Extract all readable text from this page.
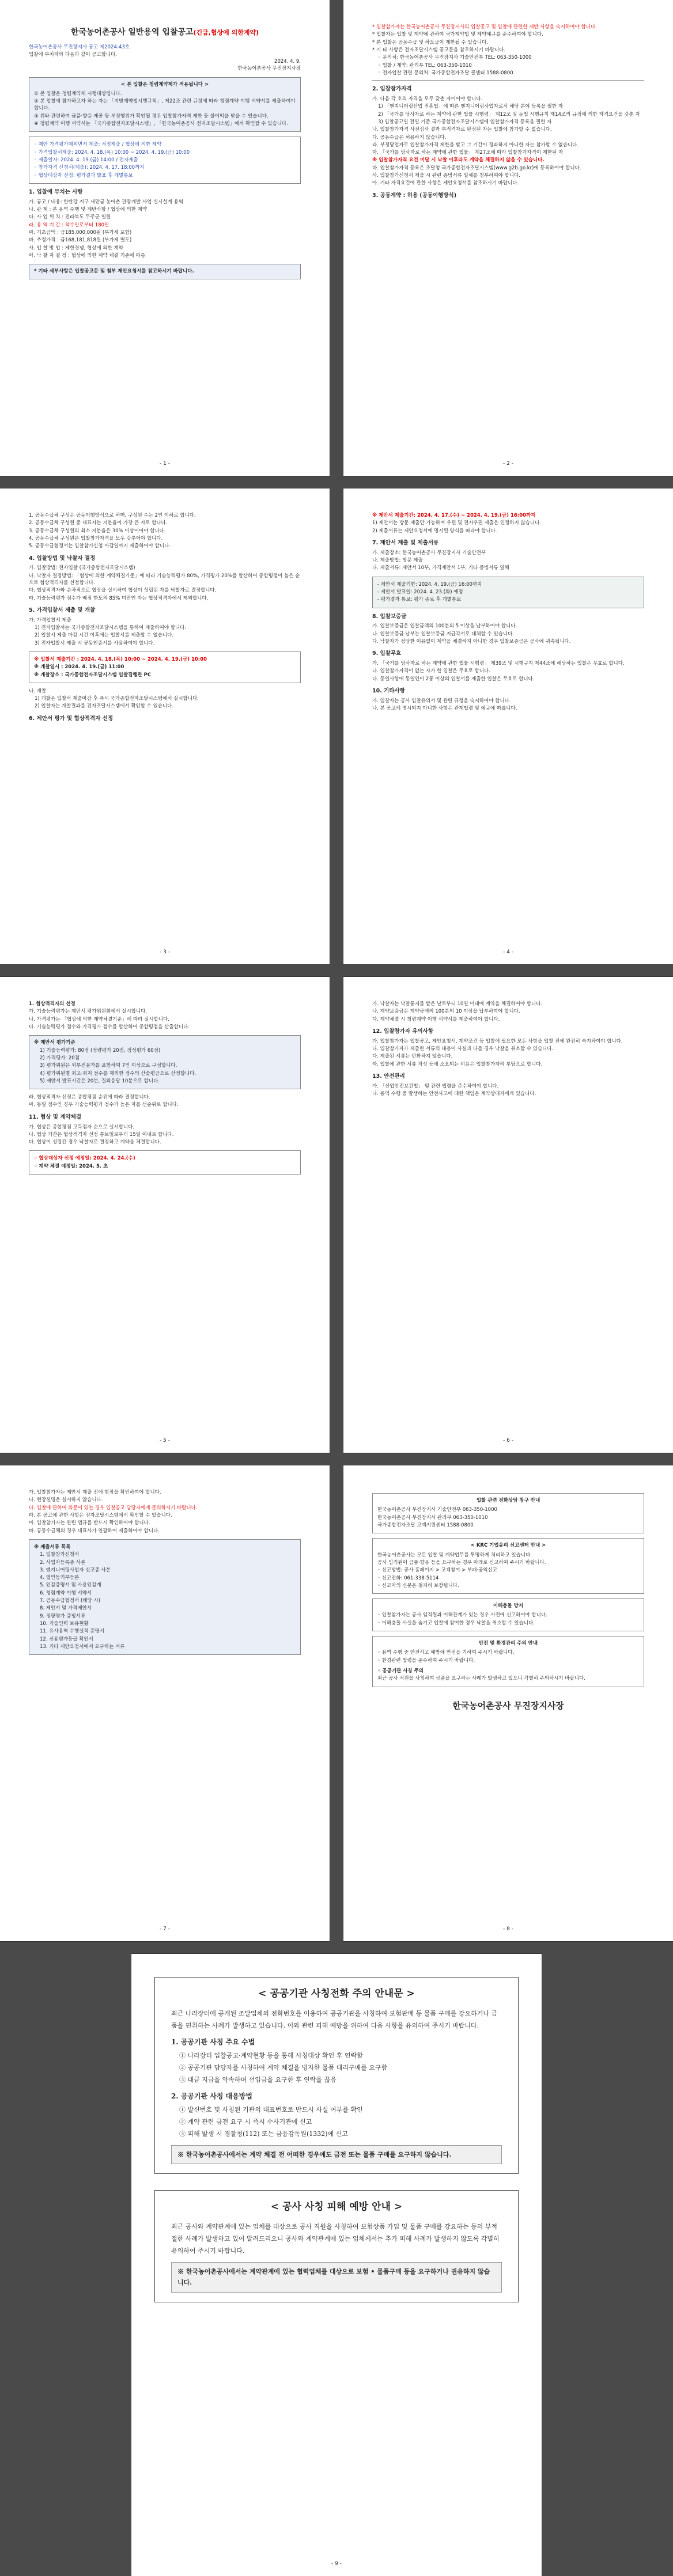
한국농어촌공사 일반용역 입찰공고(긴급,협상에 의한계약)
한국농어촌공사 무진장지사 공고 제2024-43호
입찰에 부치자와 다음과 같이 공고합니다.
2024. 4. 9.
한국농어촌공사 무진장지사장
< 본 입찰은 청렴계약제가 적용됩니다 >
① 본 입찰은 청렴계약제 시행대상입니다.
② 본 입찰에 참가하고자 하는 자는 「지방계약법시행규칙」, 제22조 관련 규정에 따라 청렴계약 이행 서약서를 제출하여야 합니다.
③ 위와 관련하여 금품·향응 제공 등 부정행위가 확인될 경우 입찰참가자격 제한 등 불이익을 받을 수 있습니다.
④ 청렴계약 이행 서약서는 「국가종합전자조달시스템」, 「한국농어촌공사 전자조달시스템」에서 확인할 수 있습니다.
◦ 제안 가격평가제외면서 제출: 적정제출 / 협상에 의한 계약
◦ 가격입찰서제출: 2024. 4. 18.(목) 10:00 ~ 2024. 4. 19.(금) 10:00
◦ 제출일자: 2024. 4. 19.(금) 14:00 / 전자제출
◦ 참가자격 신청서(제출): 2024. 4. 17. 18:00까지
◦ 협상대상자 선정: 평가결과 발표 후 개별통보
1. 입찰에 부치는 사항
가. 공고 / 내용: 한탄강 지구 새만금 농어촌 관광개발 사업 실시설계 용역
나. 관 계 : 본 용역 수행 및 제반사항 / 협상에 의한 계약
다. 사 업 위 치 : 전라북도 무주군 일원
라. 용 역 기 간 : 착수일로부터 180일
마. 기초금액 : 금185,000,000원 (부가세 포함)
바. 추정가격 : 금168,181,818원 (부가세 별도)
사. 입 찰 방 법 : 제한경쟁, 협상에 의한 계약
아. 낙 찰 자 결 정 : 협상에 의한 계약 체결 기준에 따름
* 기타 세부사항은 입찰공고문 및 첨부 제안요청서를 참고하시기 바랍니다.
- 1 -
* 입찰참가자는 한국농어촌공사 무진장지사의 입찰공고 및 입찰에 관련한 제반 사항을 숙지하여야 합니다.
* 입찰자는 입찰 및 계약에 관하여 국가계약법 및 계약예규를 준수하여야 합니다.
* 본 입찰은 공동수급 및 하도급이 제한될 수 있습니다.
* 기 타 사항은 전자조달시스템 공고문을 참조하시기 바랍니다.
◦ 문의처: 한국농어촌공사 무진장지사 기술안전부 TEL: 063-350-1000
◦ 입찰 / 계약: 관리부 TEL: 063-350-1010
◦ 전자입찰 관련 문의처: 국가종합전자조달 콜센터 1588-0800
2. 입찰참가자격
가. 다음 각 호의 자격을 모두 갖춘 자이어야 합니다.
1) 「엔지니어링산업 진흥법」에 따른 엔지니어링사업자로서 해당 분야 등록을 필한 자
2) 「국가를 당사자로 하는 계약에 관한 법률 시행령」 제12조 및 동법 시행규칙 제14조의 규정에 의한 자격요건을 갖춘 자
3) 입찰공고일 전일 기준 국가종합전자조달시스템에 입찰참가자격 등록을 필한 자
나. 입찰참가자격 사전심사 결과 부적격자로 판정된 자는 입찰에 참가할 수 없습니다.
다. 공동수급은 허용하지 않습니다.
라. 부정당업자로 입찰참가자격 제한을 받고 그 기간이 경과하지 아니한 자는 참가할 수 없습니다.
마. 「국가를 당사자로 하는 계약에 관한 법률」 제27조에 따라 입찰참가자격이 제한된 자
※ 입찰참가자격 요건 미달 시 낙찰 이후라도 계약을 체결하지 않을 수 있습니다.
바. 입찰참가자격 등록은 조달청 국가종합전자조달시스템(www.g2b.go.kr)에 등록하여야 합니다.
사. 입찰참가신청서 제출 시 관련 증빙서류 일체를 첨부하여야 합니다.
아. 기타 자격요건에 관한 사항은 제안요청서를 참조하시기 바랍니다.
3. 공동계약 : 허용 (공동이행방식)
- 2 -
1. 공동수급체 구성은 공동이행방식으로 하며, 구성원 수는 2인 이하로 합니다.
2. 공동수급체 구성원 중 대표자는 지분율이 가장 큰 자로 합니다.
3. 공동수급체 구성원의 최소 지분율은 30% 이상이어야 합니다.
4. 공동수급체 구성원은 입찰참가자격을 모두 갖추어야 합니다.
5. 공동수급협정서는 입찰참가신청 마감일까지 제출하여야 합니다.
4. 입찰방법 및 낙찰자 결정
가. 입찰방법: 전자입찰 (국가종합전자조달시스템)
나. 낙찰자 결정방법: 「협상에 의한 계약체결기준」에 따라 기술능력평가 80%, 가격평가 20%를 합산하여 종합평점이 높은 순으로 협상적격자를 선정합니다.
다. 협상적격자와 순차적으로 협상을 실시하여 협상이 성립된 자를 낙찰자로 결정합니다.
라. 기술능력평가 점수가 배점 한도의 85% 미만인 자는 협상적격자에서 제외합니다.
5. 가격입찰서 제출 및 개찰
가. 가격입찰서 제출
1) 전자입찰서는 국가종합전자조달시스템을 통하여 제출하여야 합니다.
2) 입찰서 제출 마감 시간 이후에는 입찰서를 제출할 수 없습니다.
3) 전자입찰서 제출 시 공동인증서를 사용하여야 합니다.
※ 입찰서 제출기간 : 2024. 4. 18.(목) 10:00 ~ 2024. 4. 19.(금) 10:00
※ 개찰일시 : 2024. 4. 19.(금) 11:00
※ 개찰장소 : 국가종합전자조달시스템 입찰집행관 PC
나. 개찰
1) 개찰은 입찰서 제출마감 후 즉시 국가종합전자조달시스템에서 실시합니다.
2) 입찰자는 개찰결과를 전자조달시스템에서 확인할 수 있습니다.
6. 제안서 평가 및 협상적격자 선정
- 3 -
※ 제안서 제출기간: 2024. 4. 17.(수) ~ 2024. 4. 19.(금) 16:00까지
1) 제안서는 방문 제출만 가능하며 우편 및 전자우편 제출은 인정하지 않습니다.
2) 제출서류는 제안요청서에 명시된 양식을 따라야 합니다.
7. 제안서 제출 및 제출서류
가. 제출장소: 한국농어촌공사 무진장지사 기술안전부
나. 제출방법: 방문 제출
다. 제출서류: 제안서 10부, 가격제안서 1부, 기타 증빙서류 일체
- 제안서 제출기한: 2024. 4. 19.(금) 16:00까지
- 제안서 발표일: 2024. 4. 23.(화) 예정
- 평가결과 통보: 평가 종료 후 개별통보
8. 입찰보증금
가. 입찰보증금은 입찰금액의 100분의 5 이상을 납부하여야 합니다.
나. 입찰보증금 납부는 입찰보증금 지급각서로 대체할 수 있습니다.
다. 낙찰자가 정당한 이유없이 계약을 체결하지 아니한 경우 입찰보증금은 공사에 귀속됩니다.
9. 입찰무효
가. 「국가를 당사자로 하는 계약에 관한 법률 시행령」 제39조 및 시행규칙 제44조에 해당하는 입찰은 무효로 합니다.
나. 입찰참가자격이 없는 자가 한 입찰은 무효로 합니다.
다. 동일사항에 동일인이 2통 이상의 입찰서를 제출한 입찰은 무효로 합니다.
10. 기타사항
가. 입찰자는 공사 입찰유의서 및 관련 규정을 숙지하여야 합니다.
나. 본 공고에 명시되지 아니한 사항은 관계법령 및 예규에 따릅니다.
- 4 -
1. 협상적격자의 선정
가. 기술능력평가는 제안서 평가위원회에서 실시합니다.
나. 가격평가는 「협상에 의한 계약체결기준」에 따라 실시합니다.
다. 기술능력평가 점수와 가격평가 점수를 합산하여 종합평점을 산출합니다.
※ 제안서 평가기준
1) 기술능력평가: 80점 (정량평가 20점, 정성평가 60점)
2) 가격평가: 20점
3) 평가위원은 외부전문가를 포함하여 7인 이상으로 구성합니다.
4) 평가위원별 최고·최저 점수를 제외한 점수의 산술평균으로 산정합니다.
5) 제안서 발표시간은 20분, 질의응답 10분으로 합니다.
라. 협상적격자 선정은 종합평점 순위에 따라 결정합니다.
마. 동일 점수인 경우 기술능력평가 점수가 높은 자를 선순위로 합니다.
11. 협상 및 계약체결
가. 협상은 종합평점 고득점자 순으로 실시합니다.
나. 협상 기간은 협상적격자 선정 통보일로부터 15일 이내로 합니다.
다. 협상이 성립된 경우 낙찰자로 결정하고 계약을 체결합니다.
◦ 협상대상자 선정 예정일: 2024. 4. 24.(수)
◦ 계약 체결 예정일: 2024. 5. 초
- 5 -
가. 낙찰자는 낙찰통지를 받은 날로부터 10일 이내에 계약을 체결하여야 합니다.
나. 계약보증금은 계약금액의 100분의 10 이상을 납부하여야 합니다.
다. 계약체결 시 청렴계약 이행 서약서를 제출하여야 합니다.
12. 입찰참가자 유의사항
가. 입찰참가자는 입찰공고, 제안요청서, 계약조건 등 입찰에 필요한 모든 사항을 입찰 전에 완전히 숙지하여야 합니다.
나. 입찰참가자가 제출한 서류의 내용이 사실과 다를 경우 낙찰을 취소할 수 있습니다.
다. 제출된 서류는 반환하지 않습니다.
라. 입찰에 관한 서류 작성 등에 소요되는 비용은 입찰참가자의 부담으로 합니다.
13. 안전관리
가. 「산업안전보건법」 및 관련 법령을 준수하여야 합니다.
나. 용역 수행 중 발생하는 안전사고에 대한 책임은 계약상대자에게 있습니다.
- 6 -
가. 입찰참가자는 제안서 제출 전에 현장을 확인하여야 합니다.
나. 현장설명은 실시하지 않습니다.
다. 입찰에 관하여 의문이 있는 경우 입찰공고 담당자에게 문의하시기 바랍니다.
라. 본 공고에 관한 사항은 전자조달시스템에서 확인할 수 있습니다.
마. 입찰참가자는 관련 법규를 반드시 확인하여야 합니다.
바. 공동수급체의 경우 대표사가 일괄하여 제출하여야 합니다.
※ 제출서류 목록
1. 입찰참가신청서
2. 사업자등록증 사본
3. 엔지니어링사업자 신고증 사본
4. 법인등기부등본
5. 인감증명서 및 사용인감계
6. 청렴계약 이행 서약서
7. 공동수급협정서 (해당 시)
8. 제안서 및 가격제안서
9. 정량평가 증빙서류
10. 기술인력 보유현황
11. 유사용역 수행실적 증명서
12. 신용평가등급 확인서
13. 기타 제안요청서에서 요구하는 서류
- 7 -
입찰 관련 전화상담 창구 안내
한국농어촌공사 무진장지사 기술안전부 063-350-1000
한국농어촌공사 무진장지사 관리부 063-350-1010
국가종합전자조달 고객지원센터 1588-0800
< KRC 기업윤리 신고센터 안내 >
한국농어촌공사는 모든 입찰 및 계약업무를 투명하게 처리하고 있습니다.
공사 임직원이 금품·향응 등을 요구하는 경우 아래로 신고하여 주시기 바랍니다.
◦ 신고방법: 공사 홈페이지 > 고객참여 > 부패·공익신고
◦ 신고전화: 061-338-5114
◦ 신고자의 신분은 철저히 보장됩니다.
이해충돌 방지
◦ 입찰참가자는 공사 임직원과 이해관계가 있는 경우 사전에 신고하여야 합니다.
◦ 이해충돌 사실을 숨기고 입찰에 참여한 경우 낙찰을 취소할 수 있습니다.
안전 및 환경관리 주의 안내
◦ 용역 수행 중 안전사고 예방에 만전을 기하여 주시기 바랍니다.
◦ 환경관련 법령을 준수하여 주시기 바랍니다.
◦ 공공기관 사칭 주의
최근 공사 직원을 사칭하여 금품을 요구하는 사례가 발생하고 있으니 각별히 주의하시기 바랍니다.
한국농어촌공사 무진장지사장
- 8 -
< 공공기관 사칭전화 주의 안내문 >
최근 나라장터에 공개된 조달업체의 전화번호를 이용하여 공공기관을 사칭하여 보험판매 등 물품 구매를 강요하거나 금품을 편취하는 사례가 발생하고 있습니다. 이와 관련 피해 예방을 위하여 다음 사항을 유의하여 주시기 바랍니다.
1. 공공기관 사칭 주요 수법
① 나라장터 입찰공고·계약현황 등을 통해 사칭대상 확인 후 연락함
② 공공기관 담당자를 사칭하여 계약 체결을 빙자한 물품 대리구매를 요구함
③ 대금 지급을 약속하며 선입금을 요구한 후 연락을 끊음
2. 공공기관 사칭 대응방법
① 발신번호 및 사칭된 기관의 대표번호로 반드시 사실 여부를 확인
② 계약 관련 금전 요구 시 즉시 수사기관에 신고
③ 피해 발생 시 경찰청(112) 또는 금융감독원(1332)에 신고
※ 한국농어촌공사에서는 계약 체결 전 어떠한 경우에도 금전 또는 물품 구매를 요구하지 않습니다.
< 공사 사칭 피해 예방 안내 >
최근 공사와 계약관계에 있는 업체를 대상으로 공사 직원을 사칭하여 보험상품 가입 및 물품 구매를 강요하는 등의 부적절한 사례가 발생하고 있어 알려드리오니 공사와 계약관계에 있는 업체께서는 추가 피해 사례가 발생하지 않도록 각별히 유의하여 주시기 바랍니다.
※ 한국농어촌공사에서는 계약관계에 있는 협력업체를 대상으로 보험 • 물품구매 등을 요구하거나 권유하지 않습니다.
- 9 -
